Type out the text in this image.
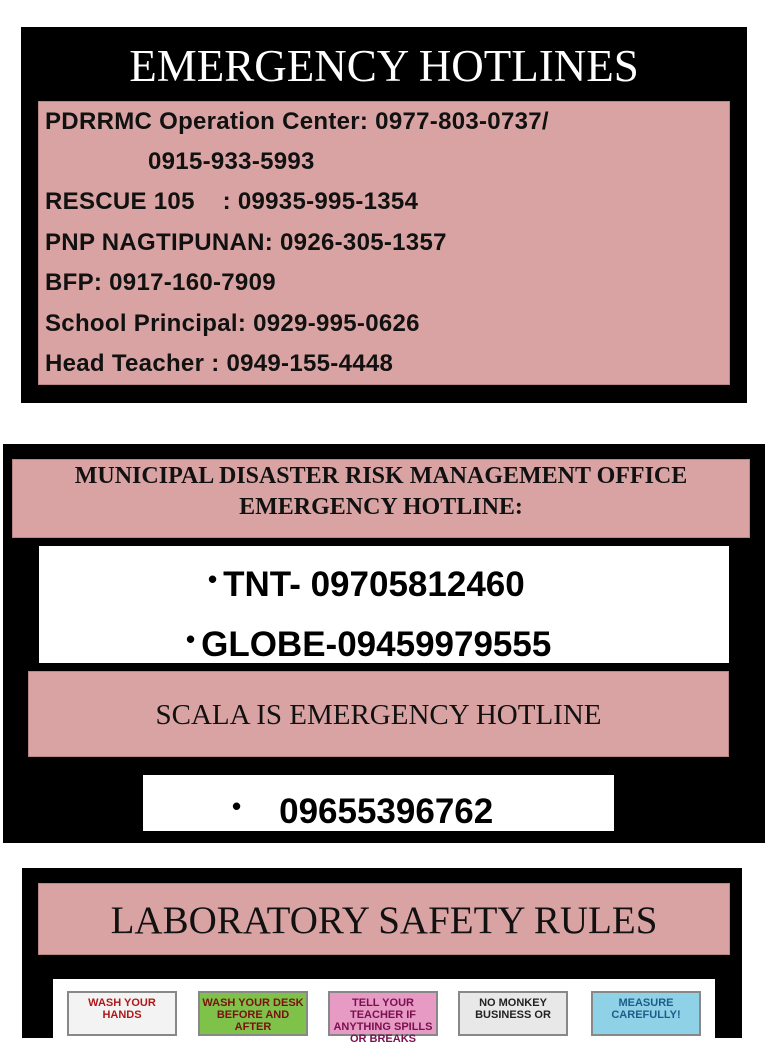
EMERGENCY HOTLINES
PDRRMC Operation Center: 0977-803-0737/
0915-933-5993
RESCUE 105    : 09935-995-1354
PNP NAGTIPUNAN: 0926-305-1357
BFP: 0917-160-7909
School Principal: 0929-995-0626
Head Teacher : 0949-155-4448
MUNICIPAL DISASTER RISK MANAGEMENT OFFICE
EMERGENCY HOTLINE:
• TNT- 09705812460
• GLOBE-09459979555
SCALA IS EMERGENCY HOTLINE
• 09655396762
LABORATORY SAFETY RULES
WASH YOUR HANDS
WASH YOUR DESK BEFORE AND AFTER
TELL YOUR TEACHER IF ANYTHING SPILLS OR BREAKS
NO MONKEY BUSINESS OR
MEASURE CAREFULLY!
